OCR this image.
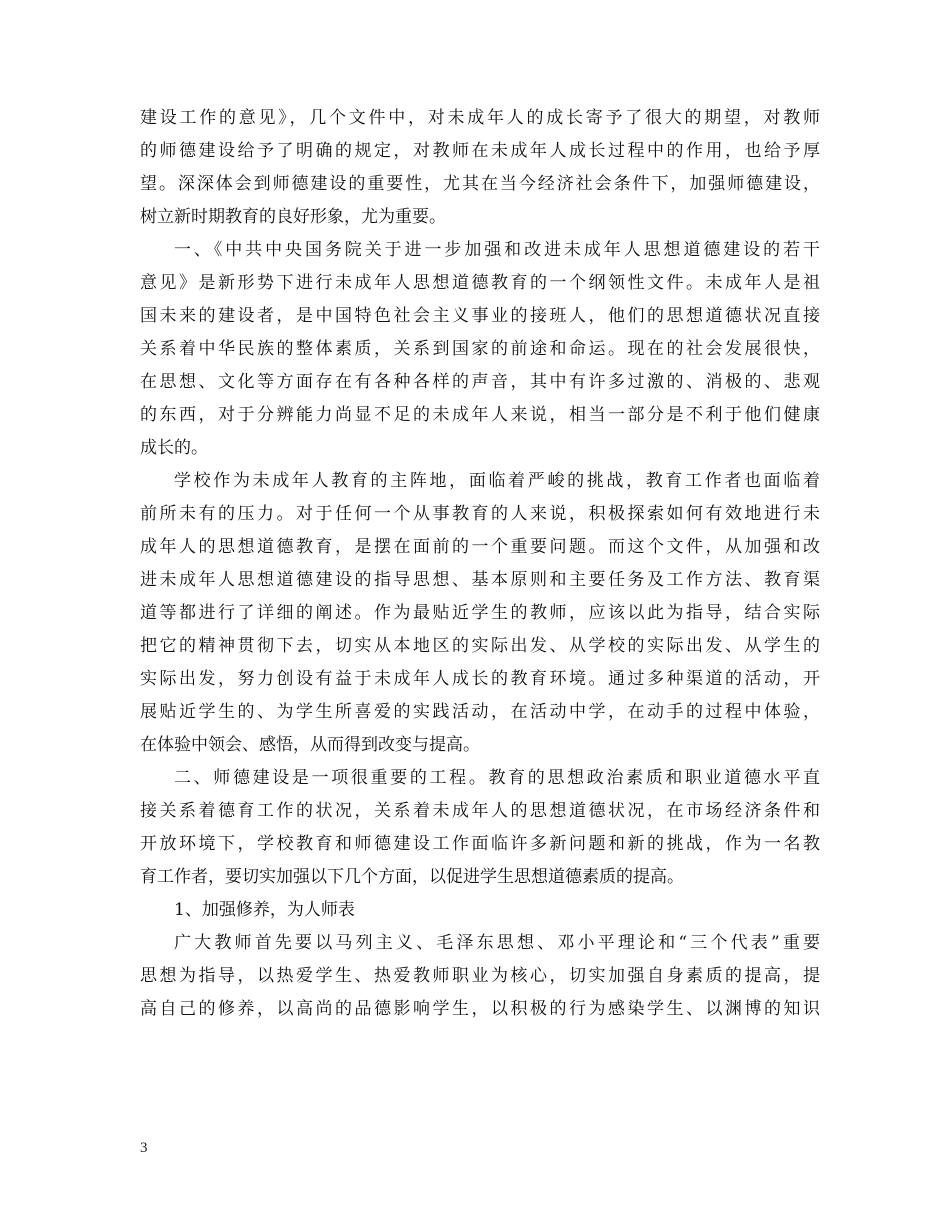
建设工作的意见》，几个文件中，对未成年人的成长寄予了很大的期望，对教师
的师德建设给予了明确的规定，对教师在未成年人成长过程中的作用，也给予厚
望。深深体会到师德建设的重要性，尤其在当今经济社会条件下，加强师德建设，
树立新时期教育的良好形象，尤为重要。
一、《中共中央国务院关于进一步加强和改进未成年人思想道德建设的若干
意见》是新形势下进行未成年人思想道德教育的一个纲领性文件。未成年人是祖
国未来的建设者，是中国特色社会主义事业的接班人，他们的思想道德状况直接
关系着中华民族的整体素质，关系到国家的前途和命运。现在的社会发展很快，
在思想、文化等方面存在有各种各样的声音，其中有许多过激的、消极的、悲观
的东西，对于分辨能力尚显不足的未成年人来说，相当一部分是不利于他们健康
成长的。
学校作为未成年人教育的主阵地，面临着严峻的挑战，教育工作者也面临着
前所未有的压力。对于任何一个从事教育的人来说，积极探索如何有效地进行未
成年人的思想道德教育，是摆在面前的一个重要问题。而这个文件，从加强和改
进未成年人思想道德建设的指导思想、基本原则和主要任务及工作方法、教育渠
道等都进行了详细的阐述。作为最贴近学生的教师，应该以此为指导，结合实际
把它的精神贯彻下去，切实从本地区的实际出发、从学校的实际出发、从学生的
实际出发，努力创设有益于未成年人成长的教育环境。通过多种渠道的活动，开
展贴近学生的、为学生所喜爱的实践活动，在活动中学，在动手的过程中体验，
在体验中领会、感悟，从而得到改变与提高。
二、师德建设是一项很重要的工程。教育的思想政治素质和职业道德水平直
接关系着德育工作的状况，关系着未成年人的思想道德状况，在市场经济条件和
开放环境下，学校教育和师德建设工作面临许多新问题和新的挑战，作为一名教
育工作者，要切实加强以下几个方面，以促进学生思想道德素质的提高。
1、加强修养，为人师表
广大教师首先要以马列主义、毛泽东思想、邓小平理论和“三个代表”重要
思想为指导，以热爱学生、热爱教师职业为核心，切实加强自身素质的提高，提
高自己的修养，以高尚的品德影响学生，以积极的行为感染学生、以渊博的知识
3
